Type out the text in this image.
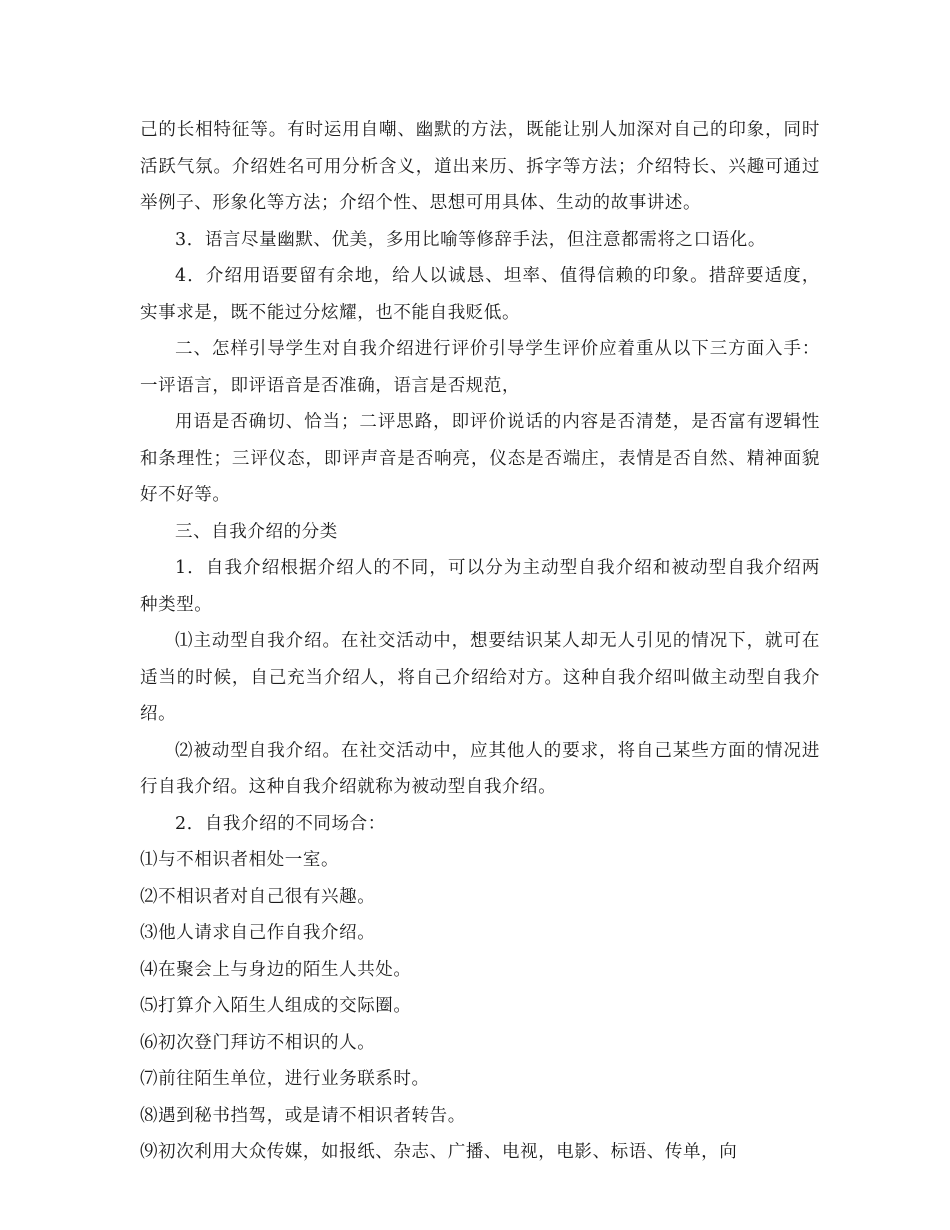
己的长相特征等。有时运用自嘲、幽默的方法，既能让别人加深对自己的印象，同时活跃气氛。介绍姓名可用分析含义，道出来历、拆字等方法；介绍特长、兴趣可通过举例子、形象化等方法；介绍个性、思想可用具体、生动的故事讲述。

3．语言尽量幽默、优美，多用比喻等修辞手法，但注意都需将之口语化。

4．介绍用语要留有余地，给人以诚恳、坦率、值得信赖的印象。措辞要适度，实事求是，既不能过分炫耀，也不能自我贬低。

二、怎样引导学生对自我介绍进行评价引导学生评价应着重从以下三方面入手：一评语言，即评语音是否准确，语言是否规范，

用语是否确切、恰当；二评思路，即评价说话的内容是否清楚，是否富有逻辑性和条理性；三评仪态，即评声音是否响亮，仪态是否端庄，表情是否自然、精神面貌好不好等。

三、自我介绍的分类

1．自我介绍根据介绍人的不同，可以分为主动型自我介绍和被动型自我介绍两种类型。

⑴主动型自我介绍。在社交活动中，想要结识某人却无人引见的情况下，就可在适当的时候，自己充当介绍人，将自己介绍给对方。这种自我介绍叫做主动型自我介绍。

⑵被动型自我介绍。在社交活动中，应其他人的要求，将自己某些方面的情况进行自我介绍。这种自我介绍就称为被动型自我介绍。

2．自我介绍的不同场合：

⑴与不相识者相处一室。

⑵不相识者对自己很有兴趣。

⑶他人请求自己作自我介绍。

⑷在聚会上与身边的陌生人共处。

⑸打算介入陌生人组成的交际圈。

⑹初次登门拜访不相识的人。

⑺前往陌生单位，进行业务联系时。

⑻遇到秘书挡驾，或是请不相识者转告。

⑼初次利用大众传媒，如报纸、杂志、广播、电视，电影、标语、传单，向
